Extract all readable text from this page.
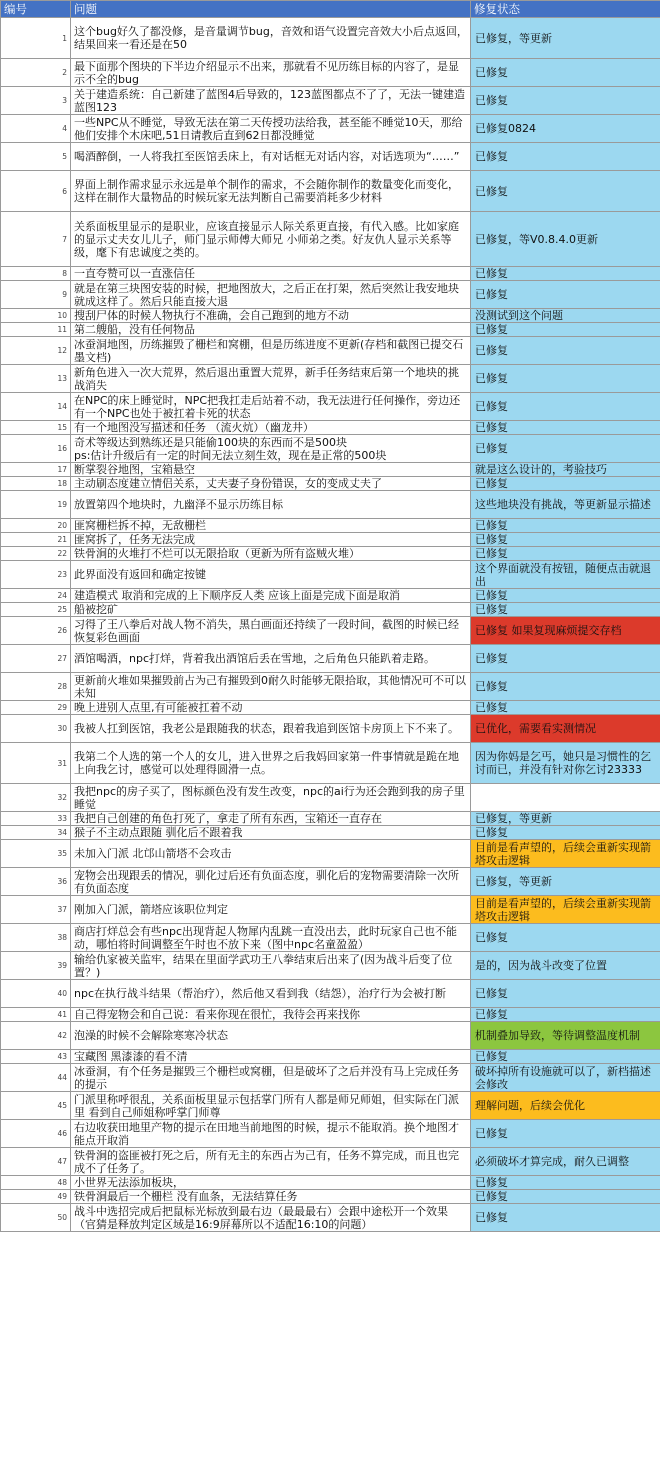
编号	问题	修复状态
1	这个bug好久了都没修，是音量调节bug，音效和语气设置完音效大小后点返回，结果回来一看还是在50	已修复，等更新
2	最下面那个图块的下半边介绍显示不出来，那就看不见历练目标的内容了，是显示不全的bug	已修复
3	关于建造系统：自己新建了蓝图4后导致的，123蓝图都点不了了，无法一键建造蓝图123	已修复
4	一些NPC从不睡觉，导致无法在第二天传授功法给我，甚至能不睡觉10天，那给他们安排个木床吧,51日请教后直到62日都没睡觉	已修复0824
5	喝酒醉倒，一人将我扛至医馆丢床上，有对话框无对话内容，对话选项为“……”	已修复
6	界面上制作需求显示永远是单个制作的需求，不会随你制作的数量变化而变化，这样在制作大量物品的时候玩家无法判断自己需要消耗多少材料	已修复
7	关系面板里显示的是职业，应该直接显示人际关系更直接，有代入感。比如家庭的显示丈夫女儿儿子，师门显示师傅大师兄 小师弟之类。好友仇人显示关系等级，麾下有忠诚度之类的。	已修复，等V0.8.4.0更新
8	一直夸赞可以一直涨信任	已修复
9	就是在第三块图安装的时候，把地图放大，之后正在打架，然后突然让我安地块 就成这样了。然后只能直接大退	已修复
10	搜刮尸体的时候人物执行不准确，会自己跑到的地方不动	没测试到这个问题
11	第二艘船，没有任何物品	已修复
12	冰蚕洞地图，历练摧毁了栅栏和窝棚，但是历练进度不更新(存档和截图已提交石墨文档)	已修复
13	新角色进入一次大荒界，然后退出重置大荒界，新手任务结束后第一个地块的挑战消失	已修复
14	在NPC的床上睡觉时，NPC把我扛走后站着不动，我无法进行任何操作，旁边还有一个NPC也处于被扛着卡死的状态	已修复
15	有一个地图没写描述和任务 （流火炕）（幽龙井）	已修复
16	奇术等级达到熟练还是只能偷100块的东西而不是500块
ps:估计升级后有一定的时间无法立刻生效，现在是正常的500块	已修复
17	断掌裂谷地图，宝箱悬空	就是这么设计的，考验技巧
18	主动刷态度建立情侣关系，丈夫妻子身份错误，女的变成丈夫了	已修复
19	放置第四个地块时，九幽泽不显示历练目标	这些地块没有挑战，等更新显示描述
20	匪窝栅栏拆不掉，无敌栅栏	已修复
21	匪窝拆了，任务无法完成	已修复
22	铁骨涧的火堆打不烂可以无限拾取（更新为所有盗贼火堆）	已修复
23	此界面没有返回和确定按键	这个界面就没有按钮，随便点击就退出
24	建造模式 取消和完成的上下顺序反人类 应该上面是完成下面是取消	已修复
25	船被挖矿	已修复
26	习得了王八拳后对战人物不消失，黑白画面还持续了一段时间，截图的时候已经恢复彩色画面	已修复 如果复现麻烦提交存档
27	酒馆喝酒，npc打烊，背着我出酒馆后丢在雪地，之后角色只能趴着走路。	已修复
28	更新前火堆如果摧毁前占为己有摧毁到0耐久时能够无限拾取，其他情况可不可以未知	已修复
29	晚上进别人点里,有可能被扛着不动	已修复
30	我被人扛到医馆，我老公是跟随我的状态，跟着我追到医馆卡房顶上下不来了。	已优化，需要看实测情况
31	我第二个人选的第一个人的女儿，进入世界之后我妈回家第一件事情就是跪在地上向我乞讨，感觉可以处理得圆滑一点。	因为你妈是乞丐，她只是习惯性的乞讨而已，并没有针对你乞讨23333
32	我把npc的房子买了，图标颜色没有发生改变，npc的ai行为还会跑到我的房子里睡觉	
33	我把自己创建的角色打死了，拿走了所有东西，宝箱还一直存在	已修复，等更新
34	猴子不主动点跟随 驯化后不跟着我	已修复
35	未加入门派 北邙山箭塔不会攻击	目前是看声望的，后续会重新实现箭塔攻击逻辑
36	宠物会出现跟丢的情况，驯化过后还有负面态度，驯化后的宠物需要清除一次所有负面态度	已修复，等更新
37	刚加入门派，箭塔应该职位判定	目前是看声望的，后续会重新实现箭塔攻击逻辑
38	商店打烊总会有些npc出现背起人物犀内乱跳一直没出去，此时玩家自己也不能动，哪怕将时间调整至午时也不放下来（图中npc名童盈盈）	已修复
39	输给仇家被关监牢，结果在里面学武功王八拳结束后出来了(因为战斗后变了位置？)	是的，因为战斗改变了位置
40	npc在执行战斗结果（帮治疗），然后他又看到我（结怨），治疗行为会被打断	已修复
41	自己得宠物会和自己说：看来你现在很忙，我待会再来找你	已修复
42	泡澡的时候不会解除寒寒冷状态	机制叠加导致，等待调整温度机制
43	宝藏图 黑漆漆的看不清	已修复
44	冰蚕洞，有个任务是摧毁三个栅栏或窝棚，但是破坏了之后并没有马上完成任务的提示	破坏掉所有设施就可以了，新档描述会修改
45	门派里称呼很乱，关系面板里显示包括掌门所有人都是师兄师姐，但实际在门派里 看到自己师姐称呼掌门师尊	理解问题，后续会优化
46	右边收获田地里产物的提示在田地当前地图的时候，提示不能取消。换个地图才能点开取消	已修复
47	铁骨涧的盗匪被打死之后，所有无主的东西占为己有，任务不算完成，而且也完成不了任务了。	必须破坏才算完成，耐久已调整
48	小世界无法添加板块，	已修复
49	铁骨涧最后一个栅栏 没有血条，无法结算任务	已修复
50	战斗中选招完成后把鼠标光标放到最右边（最最最右）会跟中途松开一个效果（官猜是释放判定区域是16:9屏幕所以不适配16:10的问题）	已修复
